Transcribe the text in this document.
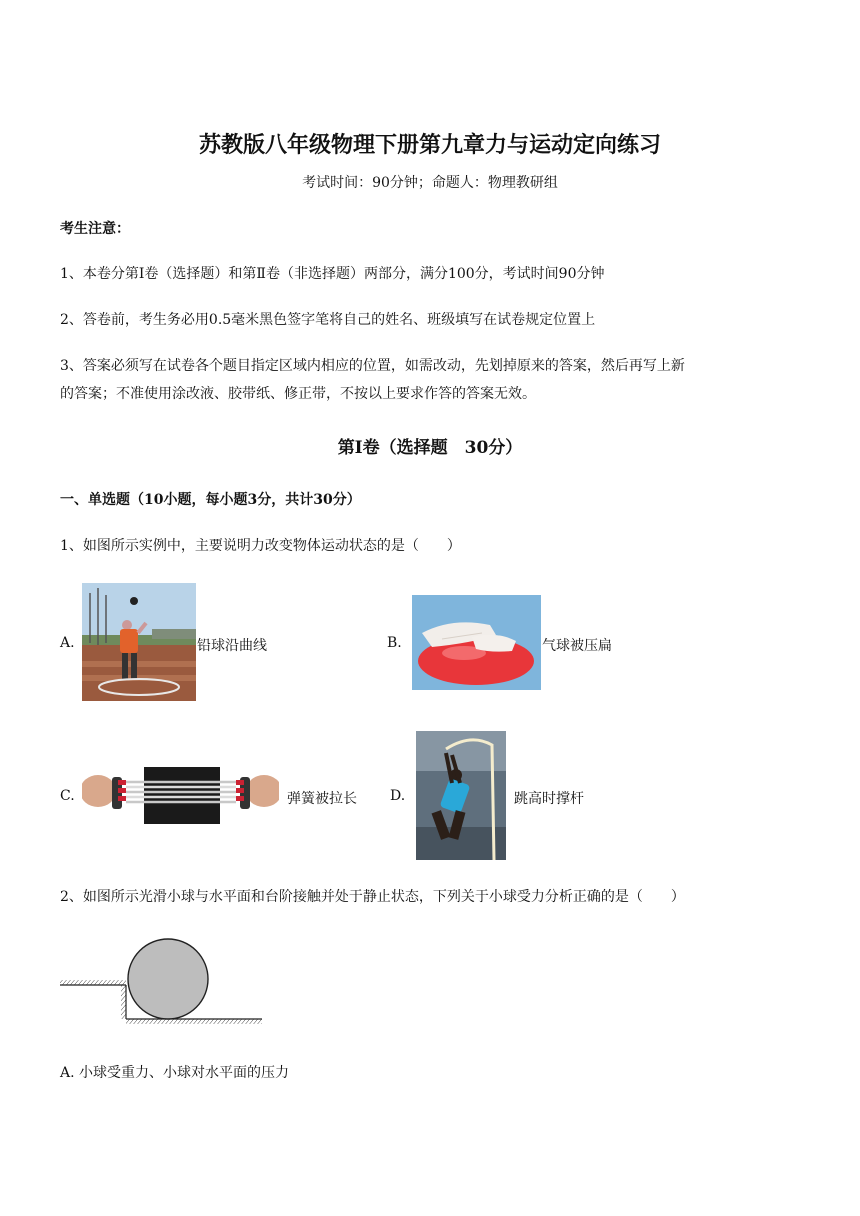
苏教版八年级物理下册第九章力与运动定向练习
考试时间：90分钟；命题人：物理教研组
考生注意：
1、本卷分第Ⅰ卷（选择题）和第Ⅱ卷（非选择题）两部分，满分100分，考试时间90分钟
2、答卷前，考生务必用0.5毫米黑色签字笔将自己的姓名、班级填写在试卷规定位置上
3、答案必须写在试卷各个题目指定区域内相应的位置，如需改动，先划掉原来的答案，然后再写上新
的答案；不准使用涂改液、胶带纸、修正带，不按以上要求作答的答案无效。
第Ⅰ卷（选择题　30分）
一、单选题（10小题，每小题3分，共计30分）
1、如图所示实例中，主要说明力改变物体运动状态的是（　　）
A.	铅球沿曲线	B.	气球被压扁
C.	弹簧被拉长 D.	跳高时撑杆
2、如图所示光滑小球与水平面和台阶接触并处于静止状态，下列关于小球受力分析正确的是（　　）
A. 小球受重力、小球对水平面的压力
